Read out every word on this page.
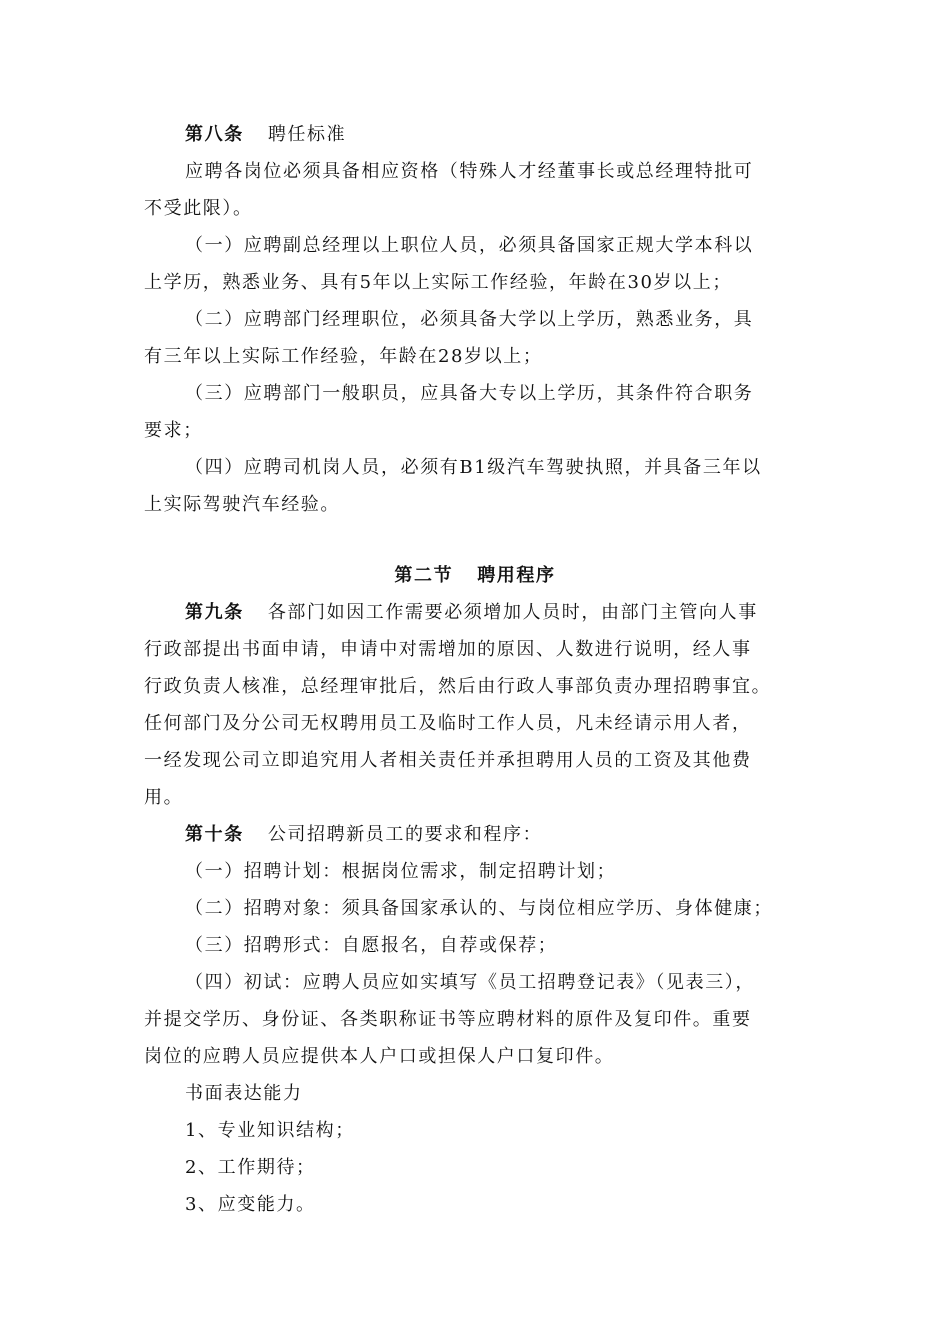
第八条 聘任标准
应聘各岗位必须具备相应资格（特殊人才经董事长或总经理特批可
不受此限）。
（一）应聘副总经理以上职位人员，必须具备国家正规大学本科以
上学历，熟悉业务、具有5年以上实际工作经验，年龄在30岁以上；
（二）应聘部门经理职位，必须具备大学以上学历，熟悉业务，具
有三年以上实际工作经验，年龄在28岁以上；
（三）应聘部门一般职员，应具备大专以上学历，其条件符合职务
要求；
（四）应聘司机岗人员，必须有B1级汽车驾驶执照，并具备三年以
上实际驾驶汽车经验。
第二节 聘用程序
第九条 各部门如因工作需要必须增加人员时，由部门主管向人事
行政部提出书面申请，申请中对需增加的原因、人数进行说明，经人事
行政负责人核准，总经理审批后，然后由行政人事部负责办理招聘事宜。
任何部门及分公司无权聘用员工及临时工作人员，凡未经请示用人者，
一经发现公司立即追究用人者相关责任并承担聘用人员的工资及其他费
用。
第十条 公司招聘新员工的要求和程序：
（一）招聘计划：根据岗位需求，制定招聘计划；
（二）招聘对象：须具备国家承认的、与岗位相应学历、身体健康；
（三）招聘形式：自愿报名，自荐或保荐；
（四）初试：应聘人员应如实填写《员工招聘登记表》（见表三），
并提交学历、身份证、各类职称证书等应聘材料的原件及复印件。重要
岗位的应聘人员应提供本人户口或担保人户口复印件。
书面表达能力
1、专业知识结构；
2、工作期待；
3、应变能力。
